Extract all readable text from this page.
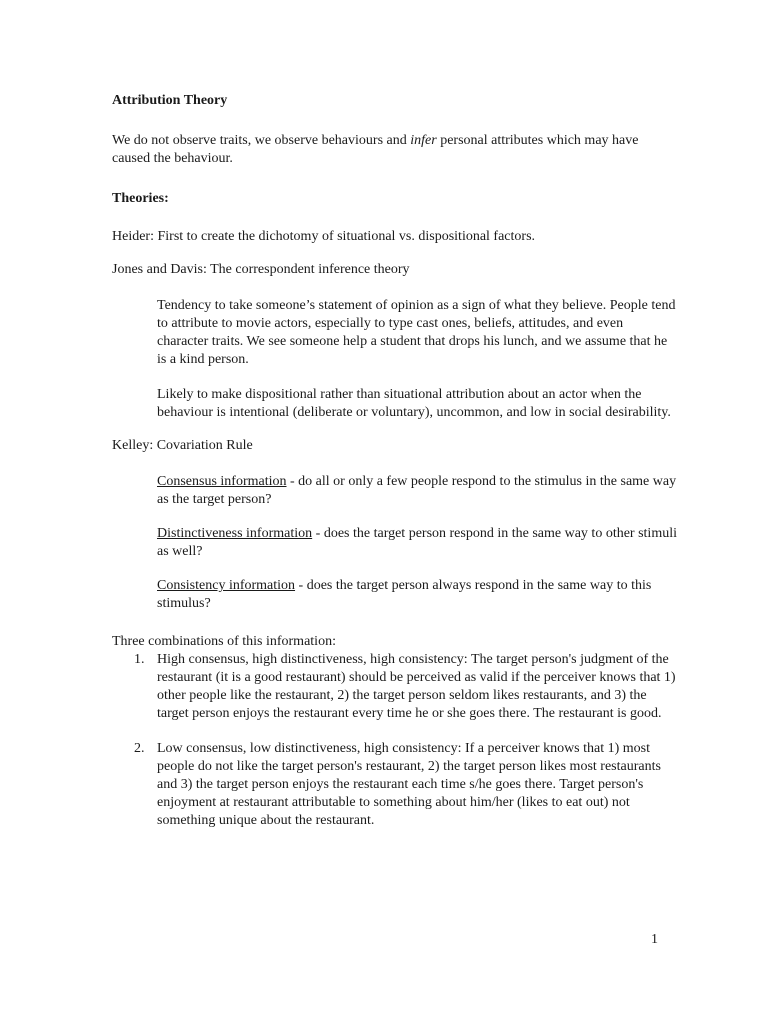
Attribution Theory

We do not observe traits, we observe behaviours and infer personal attributes which may have caused the behaviour.

Theories:

Heider: First to create the dichotomy of situational vs. dispositional factors.

Jones and Davis: The correspondent inference theory

Tendency to take someone’s statement of opinion as a sign of what they believe. People tend to attribute to movie actors, especially to type cast ones, beliefs, attitudes, and even character traits. We see someone help a student that drops his lunch, and we assume that he is a kind person.

Likely to make dispositional rather than situational attribution about an actor when the behaviour is intentional (deliberate or voluntary), uncommon, and low in social desirability.

Kelley: Covariation Rule

Consensus information - do all or only a few people respond to the stimulus in the same way as the target person?

Distinctiveness information - does the target person respond in the same way to other stimuli as well?

Consistency information - does the target person always respond in the same way to this stimulus?

Three combinations of this information:

1. High consensus, high distinctiveness, high consistency: The target person's judgment of the restaurant (it is a good restaurant) should be perceived as valid if the perceiver knows that 1) other people like the restaurant, 2) the target person seldom likes restaurants, and 3) the target person enjoys the restaurant every time he or she goes there. The restaurant is good.
2. Low consensus, low distinctiveness, high consistency: If a perceiver knows that 1) most people do not like the target person's restaurant, 2) the target person likes most restaurants and 3) the target person enjoys the restaurant each time s/he goes there. Target person's enjoyment at restaurant attributable to something about him/her (likes to eat out) not something unique about the restaurant.
1
